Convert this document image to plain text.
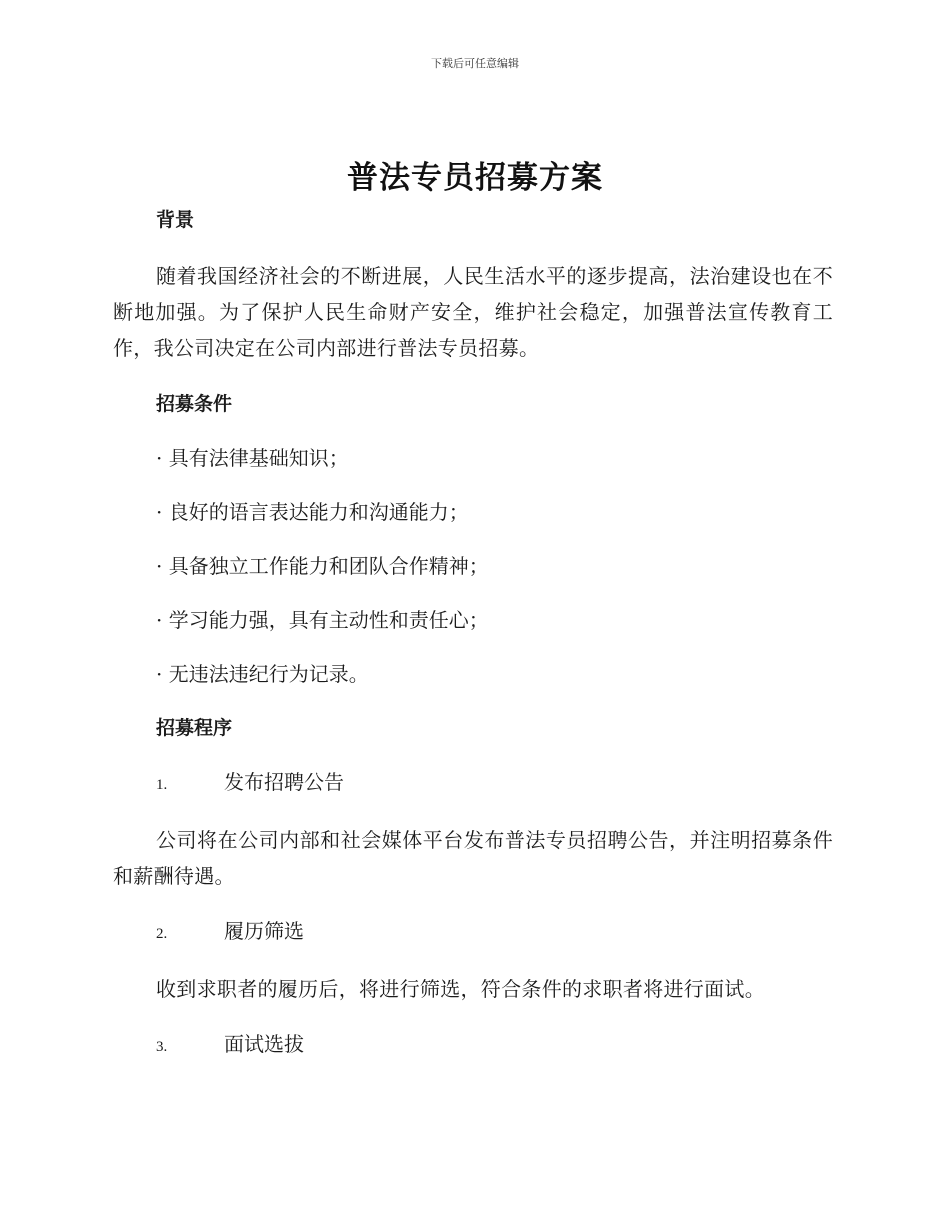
下载后可任意编辑
普法专员招募方案
背景

随着我国经济社会的不断进展，人民生活水平的逐步提高，法治建设也在不断地加强。为了保护人民生命财产安全，维护社会稳定，加强普法宣传教育工作，我公司决定在公司内部进行普法专员招募。

招募条件
· 具有法律基础知识；
· 良好的语言表达能力和沟通能力；
· 具备独立工作能力和团队合作精神；
· 学习能力强，具有主动性和责任心；
· 无违法违纪行为记录。
招募程序
1.	发布招聘公告

公司将在公司内部和社会媒体平台发布普法专员招聘公告，并注明招募条件和薪酬待遇。

2.	履历筛选

收到求职者的履历后，将进行筛选，符合条件的求职者将进行面试。

3.	面试选拔
